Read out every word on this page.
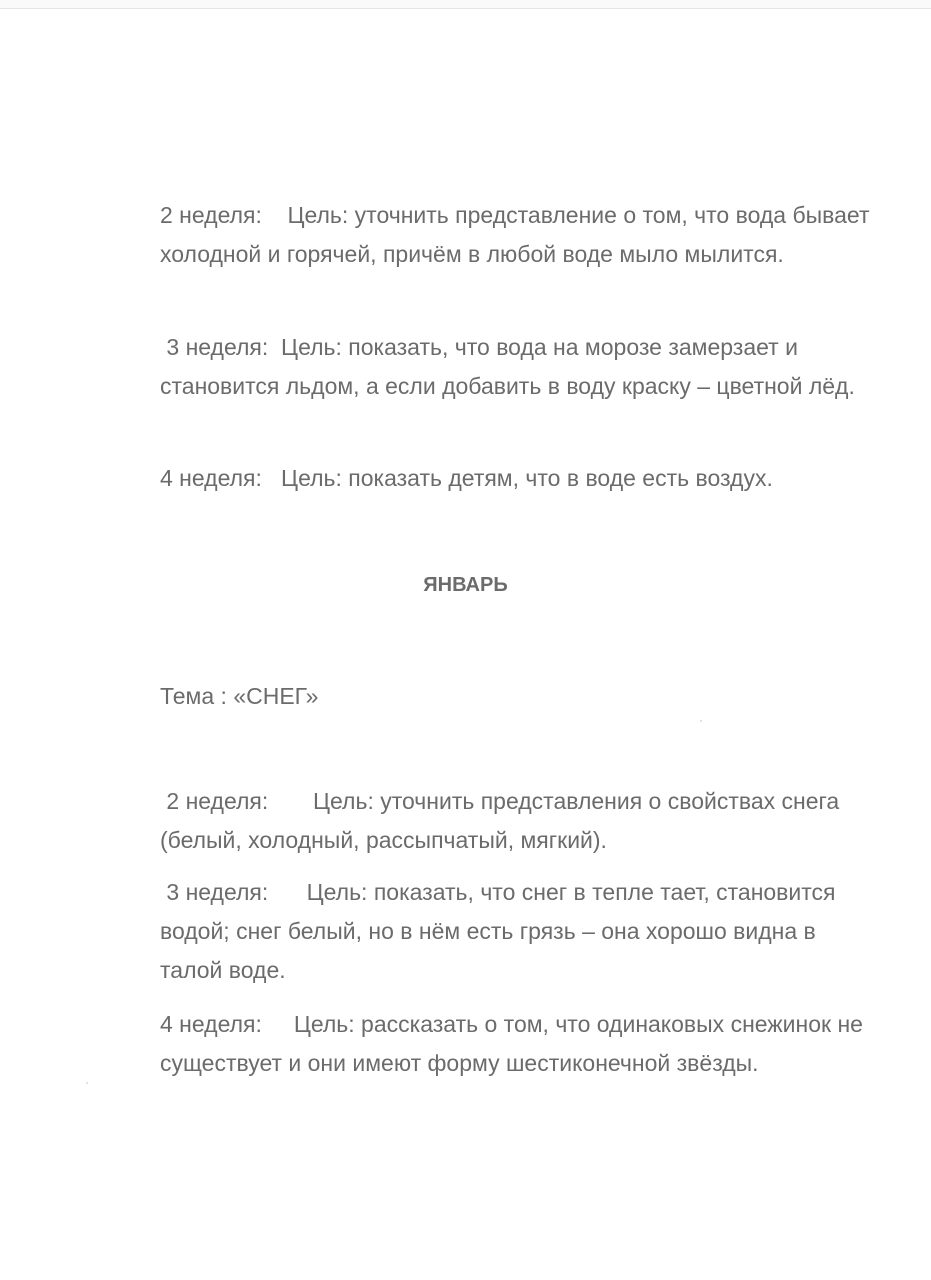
2 неделя:    Цель: уточнить представление о том, что вода бывает холодной и горячей, причём в любой воде мыло мылится.

3 неделя:  Цель: показать, что вода на морозе замерзает и становится льдом, а если добавить в воду краску – цветной лёд.

4 неделя:   Цель: показать детям, что в воде есть воздух.

ЯНВАРЬ
Тема : «СНЕГ»

2 неделя:       Цель: уточнить представления о свойствах снега (белый, холодный, рассыпчатый, мягкий).

3 неделя:      Цель: показать, что снег в тепле тает, становится водой; снег белый, но в нём есть грязь – она хорошо видна в талой воде.

4 неделя:     Цель: рассказать о том, что одинаковых снежинок не существует и они имеют форму шестиконечной звёзды.
